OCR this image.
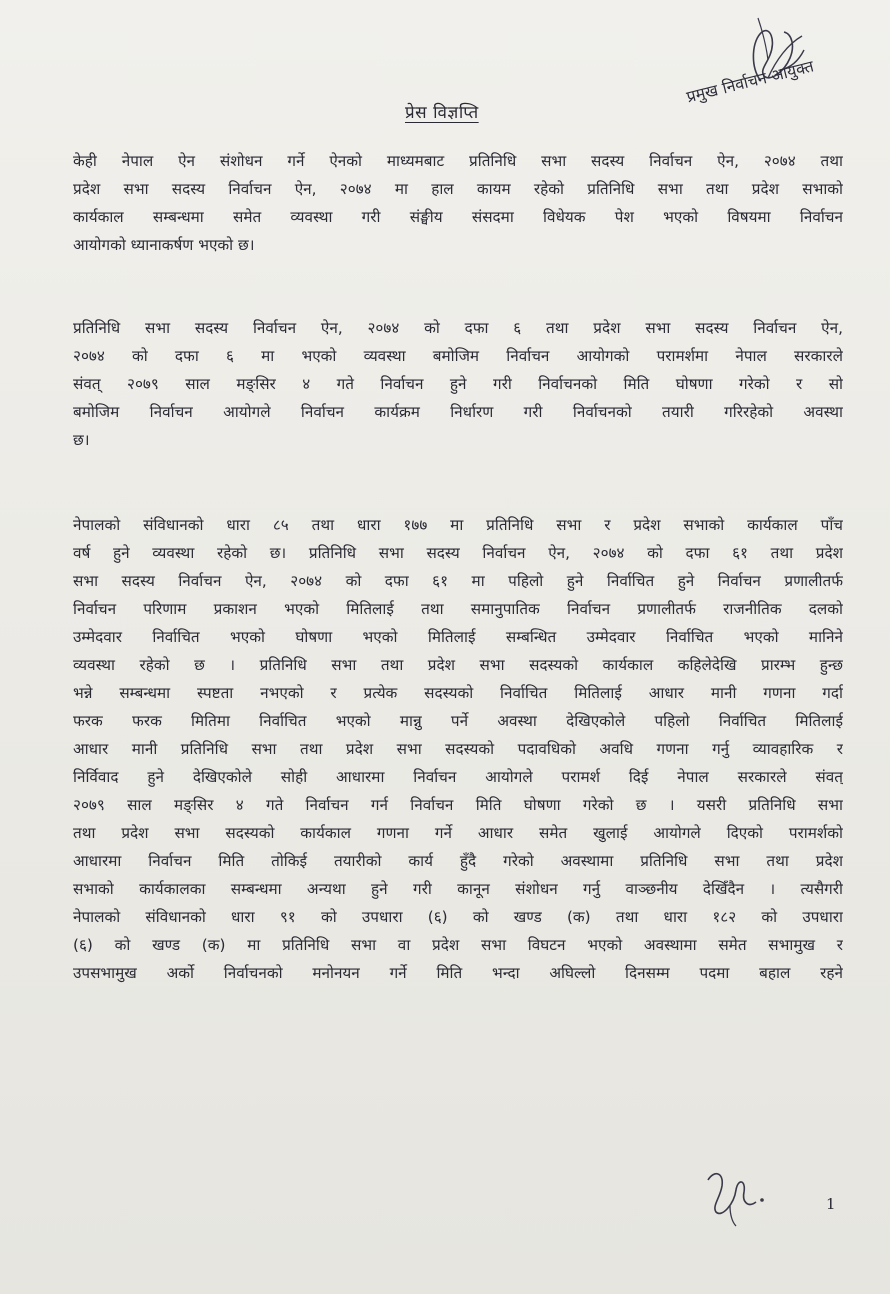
प्रमुख निर्वाचन आयुक्त
प्रेस विज्ञप्ति
केही नेपाल ऐन संशोधन गर्ने ऐनको माध्यमबाट प्रतिनिधि सभा सदस्य निर्वाचन ऐन, २०७४ तथा
प्रदेश सभा सदस्य निर्वाचन ऐन, २०७४ मा हाल कायम रहेको प्रतिनिधि सभा तथा प्रदेश सभाको
कार्यकाल सम्बन्धमा समेत व्यवस्था गरी संङ्घीय संसदमा विधेयक पेश भएको विषयमा निर्वाचन
आयोगको ध्यानाकर्षण भएको छ।
प्रतिनिधि सभा सदस्य निर्वाचन ऐन, २०७४ को दफा ६ तथा प्रदेश सभा सदस्य निर्वाचन ऐन,
२०७४ को दफा ६ मा भएको व्यवस्था बमोजिम निर्वाचन आयोगको परामर्शमा नेपाल सरकारले
संवत् २०७९ साल मङ्सिर ४ गते निर्वाचन हुने गरी निर्वाचनको मिति घोषणा गरेको र सो
बमोजिम निर्वाचन आयोगले निर्वाचन कार्यक्रम निर्धारण गरी निर्वाचनको तयारी गरिरहेको अवस्था
छ।
नेपालको संविधानको धारा ८५ तथा धारा १७७ मा प्रतिनिधि सभा र प्रदेश सभाको कार्यकाल पाँच
वर्ष हुने व्यवस्था रहेको छ। प्रतिनिधि सभा सदस्य निर्वाचन ऐन, २०७४ को दफा ६१ तथा प्रदेश
सभा सदस्य निर्वाचन ऐन, २०७४ को दफा ६१ मा पहिलो हुने निर्वाचित हुने निर्वाचन प्रणालीतर्फ
निर्वाचन परिणाम प्रकाशन भएको मितिलाई तथा समानुपातिक निर्वाचन प्रणालीतर्फ राजनीतिक दलको
उम्मेदवार निर्वाचित भएको घोषणा भएको मितिलाई सम्बन्धित उम्मेदवार निर्वाचित भएको मानिने
व्यवस्था रहेको छ । प्रतिनिधि सभा तथा प्रदेश सभा सदस्यको कार्यकाल कहिलेदेखि प्रारम्भ हुन्छ
भन्ने सम्बन्धमा स्पष्टता नभएको र प्रत्येक सदस्यको निर्वाचित मितिलाई आधार मानी गणना गर्दा
फरक फरक मितिमा निर्वाचित भएको मान्नु पर्ने अवस्था देखिएकोले पहिलो निर्वाचित मितिलाई
आधार मानी प्रतिनिधि सभा तथा प्रदेश सभा सदस्यको पदावधिको अवधि गणना गर्नु व्यावहारिक र
निर्विवाद हुने देखिएकोले सोही आधारमा निर्वाचन आयोगले परामर्श दिई नेपाल सरकारले संवत्
२०७९ साल मङ्सिर ४ गते निर्वाचन गर्न निर्वाचन मिति घोषणा गरेको छ । यसरी प्रतिनिधि सभा
तथा प्रदेश सभा सदस्यको कार्यकाल गणना गर्ने आधार समेत खुलाई आयोगले दिएको परामर्शको
आधारमा निर्वाचन मिति तोकिई तयारीको कार्य हुँदै गरेको अवस्थामा प्रतिनिधि सभा तथा प्रदेश
सभाको कार्यकालका सम्बन्धमा अन्यथा हुने गरी कानून संशोधन गर्नु वाञ्छनीय देखिँदैन । त्यसैगरी
नेपालको संविधानको धारा ९१ को उपधारा (६) को खण्ड (क) तथा धारा १८२ को उपधारा
(६) को खण्ड (क) मा प्रतिनिधि सभा वा प्रदेश सभा विघटन भएको अवस्थामा समेत सभामुख र
उपसभामुख अर्को निर्वाचनको मनोनयन गर्ने मिति भन्दा अघिल्लो दिनसम्म पदमा बहाल रहने
1
